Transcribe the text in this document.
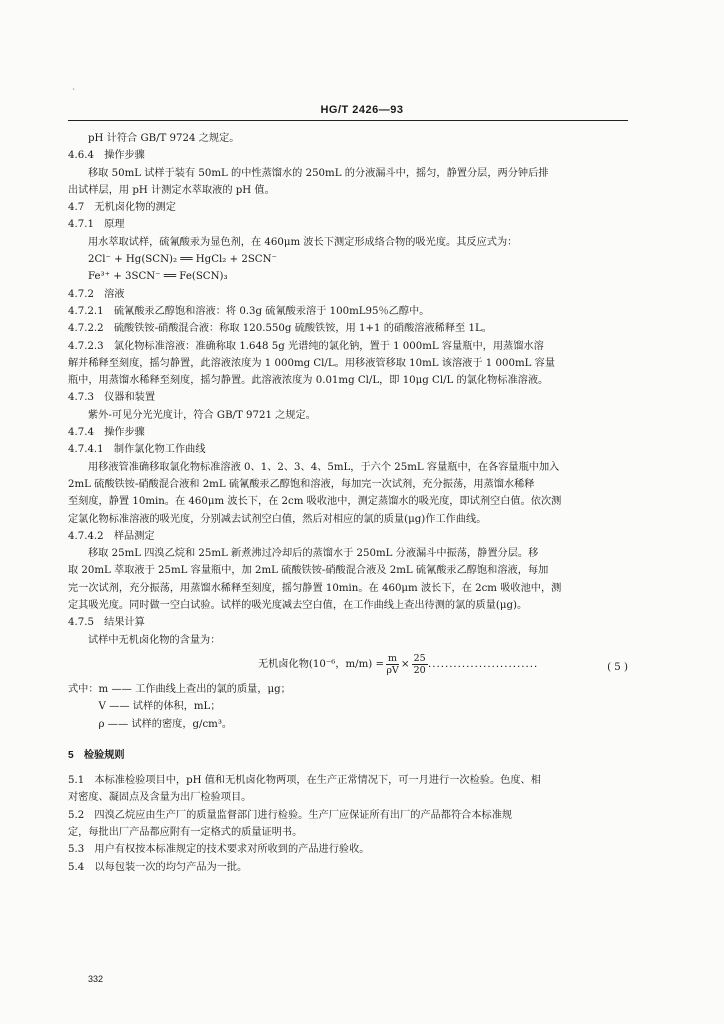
`
HG/T 2426—93
pH 计符合 GB/T 9724 之规定。
4.6.4　操作步骤
移取 50mL 试样于装有 50mL 的中性蒸馏水的 250mL 的分液漏斗中，摇匀，静置分层，两分钟后排
出试样层，用 pH 计测定水萃取液的 pH 值。
4.7　无机卤化物的测定
4.7.1　原理
用水萃取试样，硫氰酸汞为显色剂，在 460μm 波长下测定形成络合物的吸光度。其反应式为：
2Cl⁻ + Hg(SCN)₂ ══ HgCl₂ + 2SCN⁻
Fe³⁺ + 3SCN⁻ ══ Fe(SCN)₃
4.7.2　溶液
4.7.2.1　硫氰酸汞乙醇饱和溶液：将 0.3g 硫氰酸汞溶于 100mL95％乙醇中。
4.7.2.2　硫酸铁铵-硝酸混合液：称取 120.550g 硫酸铁铵，用 1+1 的硝酸溶液稀释至 1L。
4.7.2.3　氯化物标准溶液：准确称取 1.648 5g 光谱纯的氯化钠，置于 1 000mL 容量瓶中，用蒸馏水溶
解并稀释至刻度，摇匀静置，此溶液浓度为 1 000mg Cl/L。用移液管移取 10mL 该溶液于 1 000mL 容量
瓶中，用蒸馏水稀释至刻度，摇匀静置。此溶液浓度为 0.01mg Cl/L，即 10μg Cl/L 的氯化物标准溶液。
4.7.3　仪器和装置
紫外-可见分光光度计，符合 GB/T 9721 之规定。
4.7.4　操作步骤
4.7.4.1　制作氯化物工作曲线
用移液管准确移取氯化物标准溶液 0、1、2、3、4、5mL，于六个 25mL 容量瓶中，在各容量瓶中加入
2mL 硫酸铁铵-硝酸混合液和 2mL 硫氰酸汞乙醇饱和溶液，每加完一次试剂，充分振荡，用蒸馏水稀释
至刻度，静置 10min。在 460μm 波长下，在 2cm 吸收池中，测定蒸馏水的吸光度，即试剂空白值。依次测
定氯化物标准溶液的吸光度，分别减去试剂空白值，然后对相应的氯的质量(μg)作工作曲线。
4.7.4.2　样品测定
移取 25mL 四溴乙烷和 25mL 新煮沸过冷却后的蒸馏水于 250mL 分液漏斗中振荡，静置分层。移
取 20mL 萃取液于 25mL 容量瓶中，加 2mL 硫酸铁铵-硝酸混合液及 2mL 硫氰酸汞乙醇饱和溶液，每加
完一次试剂，充分振荡，用蒸馏水稀释至刻度，摇匀静置 10min。在 460μm 波长下，在 2cm 吸收池中，测
定其吸光度。同时做一空白试验。试样的吸光度减去空白值，在工作曲线上查出待测的氯的质量(μg)。
4.7.5　结果计算
试样中无机卤化物的含量为：
无机卤化物(10⁻⁶，$m/m) = \frac{m}{\rho V} \times \frac{25}{20}$ ··························	( 5 )
式中：m —— 工作曲线上查出的氯的质量，μg；
　　　V —— 试样的体积，mL；
　　　ρ —— 试样的密度，g/cm³。
5　检验规则
5.1　本标准检验项目中，pH 值和无机卤化物两项，在生产正常情况下，可一月进行一次检验。色度、相
对密度、凝固点及含量为出厂检验项目。
5.2　四溴乙烷应由生产厂的质量监督部门进行检验。生产厂应保证所有出厂的产品都符合本标准规
定，每批出厂产品都应附有一定格式的质量证明书。
5.3　用户有权按本标准规定的技术要求对所收到的产品进行验收。
5.4　以每包装一次的均匀产品为一批。
332
